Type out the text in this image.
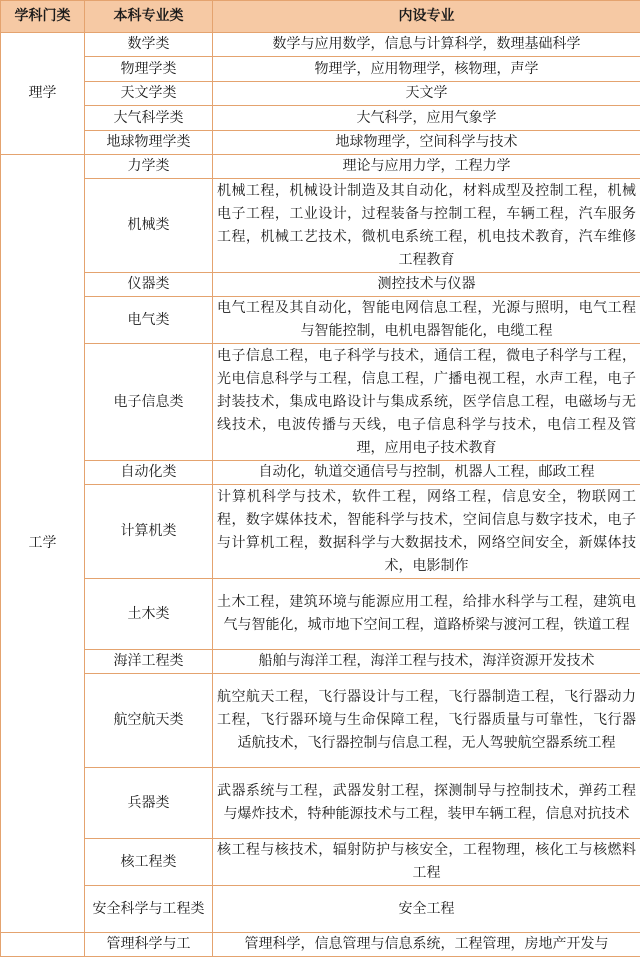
学科门类	本科专业类	内设专业
理学	数学类	数学与应用数学，信息与计算科学，数理基础科学
	物理学类	物理学，应用物理学，核物理，声学
	天文学类	天文学
	大气科学类	大气科学，应用气象学
	地球物理学类	地球物理学，空间科学与技术
工学	力学类	理论与应用力学，工程力学
	机械类	机械工程，机械设计制造及其自动化，材料成型及控制工程，机械电子工程，工业设计，过程装备与控制工程，车辆工程，汽车服务工程，机械工艺技术，微机电系统工程，机电技术教育，汽车维修工程教育
	仪器类	测控技术与仪器
	电气类	电气工程及其自动化，智能电网信息工程，光源与照明，电气工程与智能控制，电机电器智能化，电缆工程
	电子信息类	电子信息工程，电子科学与技术，通信工程，微电子科学与工程，光电信息科学与工程，信息工程，广播电视工程，水声工程，电子封装技术，集成电路设计与集成系统，医学信息工程，电磁场与无线技术，电波传播与天线，电子信息科学与技术，电信工程及管理，应用电子技术教育
	自动化类	自动化，轨道交通信号与控制，机器人工程，邮政工程
	计算机类	计算机科学与技术，软件工程，网络工程，信息安全，物联网工程，数字媒体技术，智能科学与技术，空间信息与数字技术，电子与计算机工程，数据科学与大数据技术，网络空间安全，新媒体技术，电影制作
	土木类	土木工程，建筑环境与能源应用工程，给排水科学与工程，建筑电气与智能化，城市地下空间工程，道路桥梁与渡河工程，铁道工程
	海洋工程类	船舶与海洋工程，海洋工程与技术，海洋资源开发技术
	航空航天类	航空航天工程，飞行器设计与工程，飞行器制造工程，飞行器动力工程，飞行器环境与生命保障工程，飞行器质量与可靠性，飞行器适航技术，飞行器控制与信息工程，无人驾驶航空器系统工程
	兵器类	武器系统与工程，武器发射工程，探测制导与控制技术，弹药工程与爆炸技术，特种能源技术与工程，装甲车辆工程，信息对抗技术
	核工程类	核工程与核技术，辐射防护与核安全，工程物理，核化工与核燃料工程
	安全科学与工程类	安全工程
	管理科学与工	管理科学，信息管理与信息系统，工程管理，房地产开发与
